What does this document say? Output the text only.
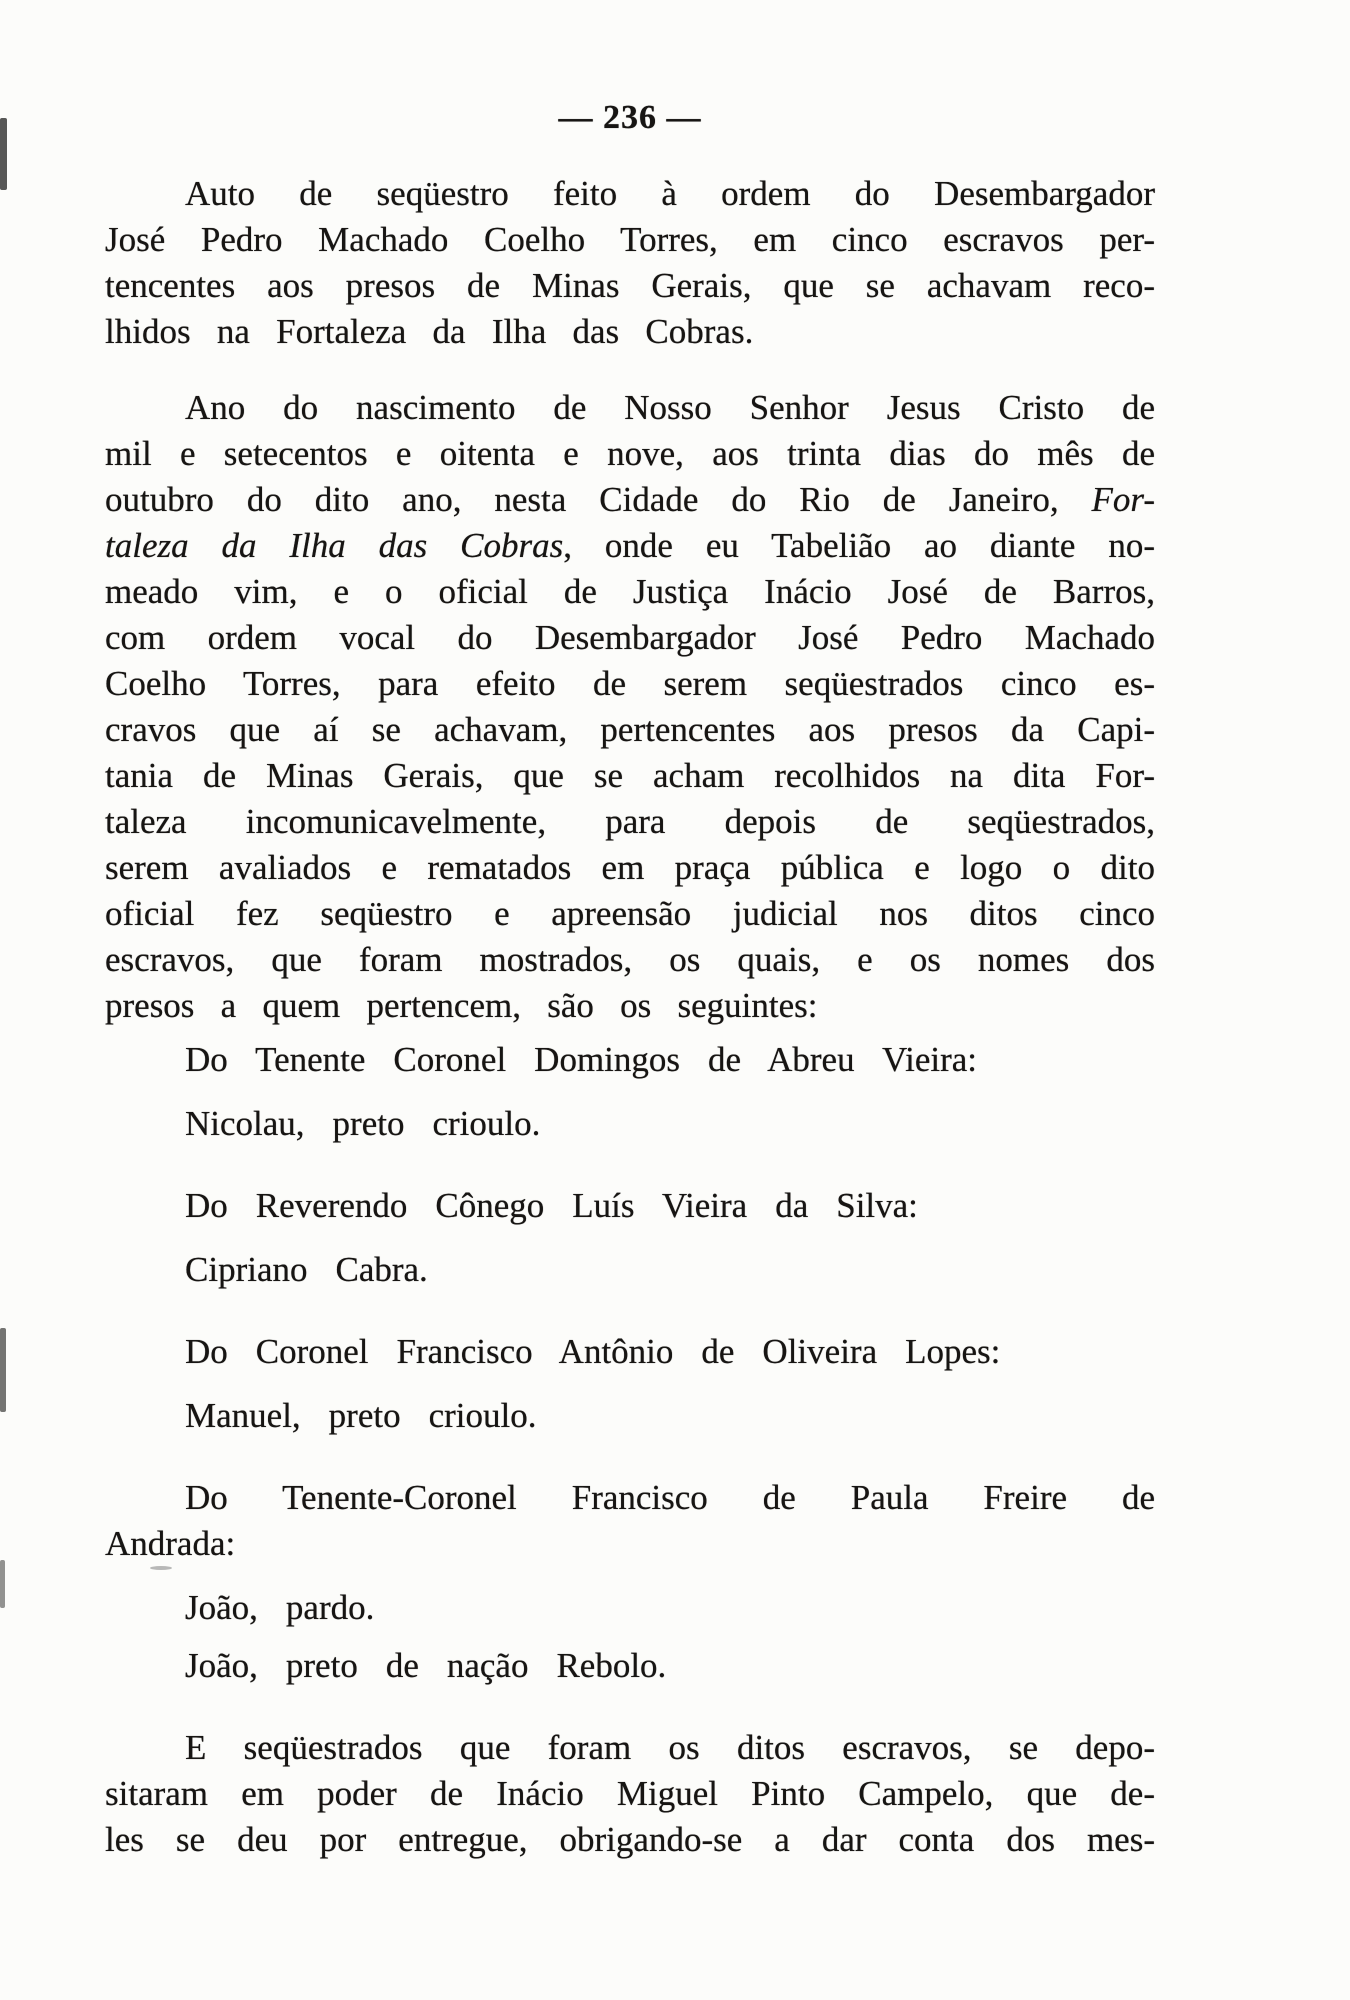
— 236 —
Auto de seqüestro feito à ordem do Desembargador
José Pedro Machado Coelho Torres, em cinco escravos per-
tencentes aos presos de Minas Gerais, que se achavam reco-
lhidos na Fortaleza da Ilha das Cobras.
Ano do nascimento de Nosso Senhor Jesus Cristo de
mil e setecentos e oitenta e nove, aos trinta dias do mês de
outubro do dito ano, nesta Cidade do Rio de Janeiro, For-
taleza da Ilha das Cobras, onde eu Tabelião ao diante no-
meado vim, e o oficial de Justiça Inácio José de Barros,
com ordem vocal do Desembargador José Pedro Machado
Coelho Torres, para efeito de serem seqüestrados cinco es-
cravos que aí se achavam, pertencentes aos presos da Capi-
tania de Minas Gerais, que se acham recolhidos na dita For-
taleza incomunicavelmente, para depois de seqüestrados,
serem avaliados e rematados em praça pública e logo o dito
oficial fez seqüestro e apreensão judicial nos ditos cinco
escravos, que foram mostrados, os quais, e os nomes dos
presos a quem pertencem, são os seguintes:
Do Tenente Coronel Domingos de Abreu Vieira:
Nicolau, preto crioulo.
Do Reverendo Cônego Luís Vieira da Silva:
Cipriano Cabra.
Do Coronel Francisco Antônio de Oliveira Lopes:
Manuel, preto crioulo.
Do Tenente-Coronel Francisco de Paula Freire de
Andrada:
João, pardo.
João, preto de nação Rebolo.
E seqüestrados que foram os ditos escravos, se depo-
sitaram em poder de Inácio Miguel Pinto Campelo, que de-
les se deu por entregue, obrigando-se a dar conta dos mes-
